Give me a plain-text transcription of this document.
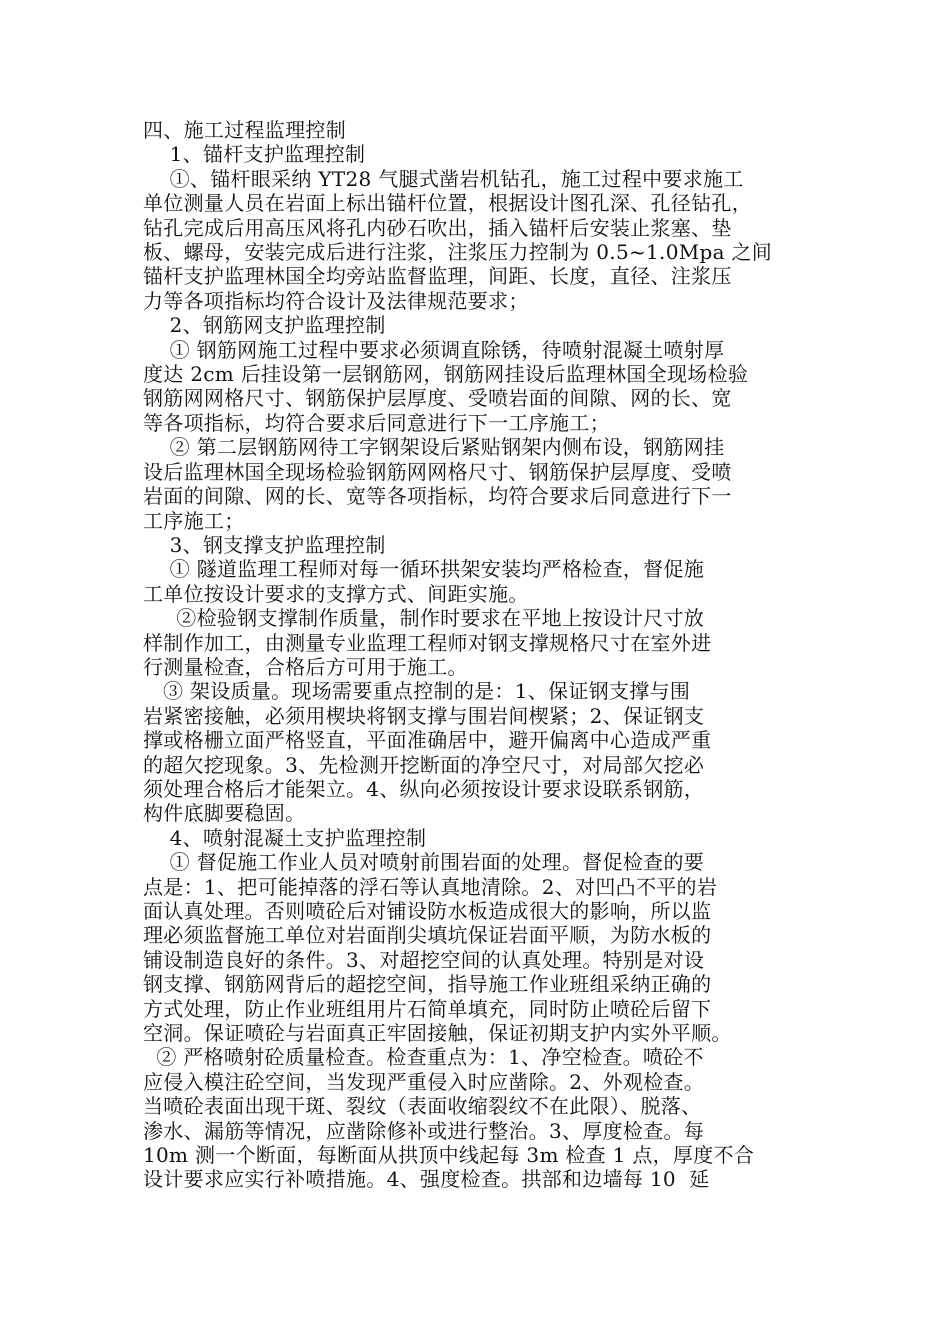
四、施工过程监理控制

1、锚杆支护监理控制

①、锚杆眼采纳 YT28 气腿式凿岩机钻孔，施工过程中要求施工

单位测量人员在岩面上标出锚杆位置，根据设计图孔深、孔径钻孔，

钻孔完成后用高压风将孔内砂石吹出，插入锚杆后安装止浆塞、垫

板、螺母，安装完成后进行注浆，注浆压力控制为 0.5~1.0Mpa 之间

锚杆支护监理林国全均旁站监督监理，间距、长度，直径、注浆压

力等各项指标均符合设计及法律规范要求；

2、钢筋网支护监理控制

① 钢筋网施工过程中要求必须调直除锈，待喷射混凝土喷射厚

度达 2cm 后挂设第一层钢筋网，钢筋网挂设后监理林国全现场检验

钢筋网网格尺寸、钢筋保护层厚度、受喷岩面的间隙、网的长、宽

等各项指标，均符合要求后同意进行下一工序施工；

② 第二层钢筋网待工字钢架设后紧贴钢架内侧布设，钢筋网挂

设后监理林国全现场检验钢筋网网格尺寸、钢筋保护层厚度、受喷

岩面的间隙、网的长、宽等各项指标，均符合要求后同意进行下一

工序施工；

3、钢支撑支护监理控制

① 隧道监理工程师对每一循环拱架安装均严格检查，督促施

工单位按设计要求的支撑方式、间距实施。

②检验钢支撑制作质量，制作时要求在平地上按设计尺寸放

样制作加工，由测量专业监理工程师对钢支撑规格尺寸在室外进

行测量检查，合格后方可用于施工。

③ 架设质量。现场需要重点控制的是：1、保证钢支撑与围

岩紧密接触，必须用楔块将钢支撑与围岩间楔紧；2、保证钢支

撑或格栅立面严格竖直，平面准确居中，避开偏离中心造成严重

的超欠挖现象。3、先检测开挖断面的净空尺寸，对局部欠挖必

须处理合格后才能架立。4、纵向必须按设计要求设联系钢筋，

构件底脚要稳固。

4、喷射混凝土支护监理控制

① 督促施工作业人员对喷射前围岩面的处理。督促检查的要

点是：1、把可能掉落的浮石等认真地清除。2、对凹凸不平的岩

面认真处理。否则喷砼后对铺设防水板造成很大的影响，所以监

理必须监督施工单位对岩面削尖填坑保证岩面平顺，为防水板的

铺设制造良好的条件。3、对超挖空间的认真处理。特别是对设

钢支撑、钢筋网背后的超挖空间，指导施工作业班组采纳正确的

方式处理，防止作业班组用片石简单填充，同时防止喷砼后留下

空洞。保证喷砼与岩面真正牢固接触，保证初期支护内实外平顺。

② 严格喷射砼质量检查。检查重点为：1、净空检查。喷砼不

应侵入模注砼空间，当发现严重侵入时应凿除。2、外观检查。

当喷砼表面出现干斑、裂纹（表面收缩裂纹不在此限）、脱落、

渗水、漏筋等情况，应凿除修补或进行整治。3、厚度检查。每

10m 测一个断面，每断面从拱顶中线起每 3m 检查 1 点，厚度不合

设计要求应实行补喷措施。4、强度检查。拱部和边墙每 10  延
